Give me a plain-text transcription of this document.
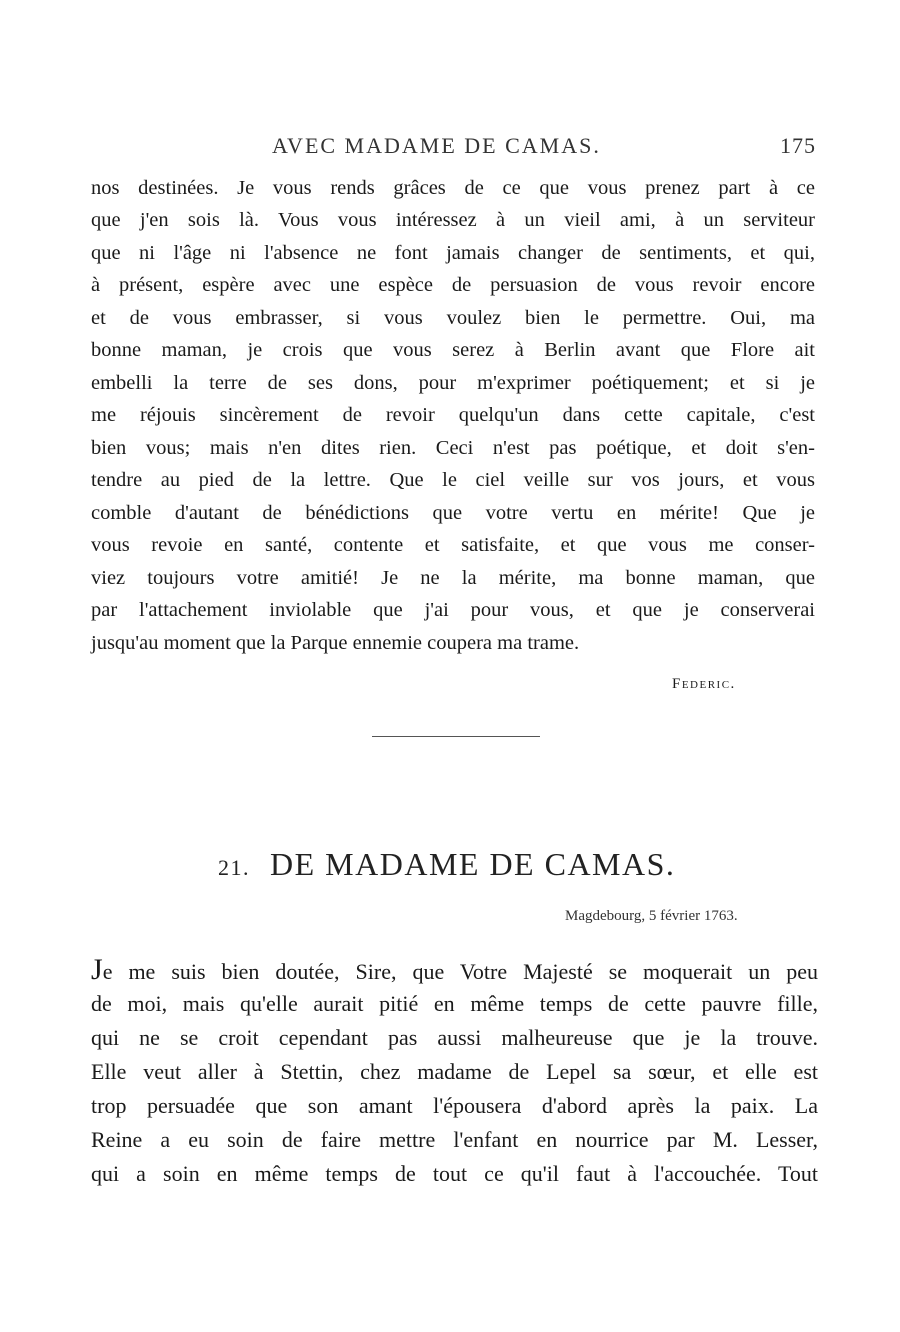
AVEC MADAME DE CAMAS.	175
nos destinées. Je vous rends grâces de ce que vous prenez part à ce
que j'en sois là. Vous vous intéressez à un vieil ami, à un serviteur
que ni l'âge ni l'absence ne font jamais changer de sentiments, et qui,
à présent, espère avec une espèce de persuasion de vous revoir encore
et de vous embrasser, si vous voulez bien le permettre. Oui, ma
bonne maman, je crois que vous serez à Berlin avant que Flore ait
embelli la terre de ses dons, pour m'exprimer poétiquement; et si je
me réjouis sincèrement de revoir quelqu'un dans cette capitale, c'est
bien vous; mais n'en dites rien. Ceci n'est pas poétique, et doit s'en-
tendre au pied de la lettre. Que le ciel veille sur vos jours, et vous
comble d'autant de bénédictions que votre vertu en mérite! Que je
vous revoie en santé, contente et satisfaite, et que vous me conser-
viez toujours votre amitié! Je ne la mérite, ma bonne maman, que
par l'attachement inviolable que j'ai pour vous, et que je conserverai
jusqu'au moment que la Parque ennemie coupera ma trame.
Federic.
21. DE MADAME DE CAMAS.
Magdebourg, 5 février 1763.
Je me suis bien doutée, Sire, que Votre Majesté se moquerait un peu
de moi, mais qu'elle aurait pitié en même temps de cette pauvre fille,
qui ne se croit cependant pas aussi malheureuse que je la trouve.
Elle veut aller à Stettin, chez madame de Lepel sa sœur, et elle est
trop persuadée que son amant l'épousera d'abord après la paix. La
Reine a eu soin de faire mettre l'enfant en nourrice par M. Lesser,
qui a soin en même temps de tout ce qu'il faut à l'accouchée. Tout
